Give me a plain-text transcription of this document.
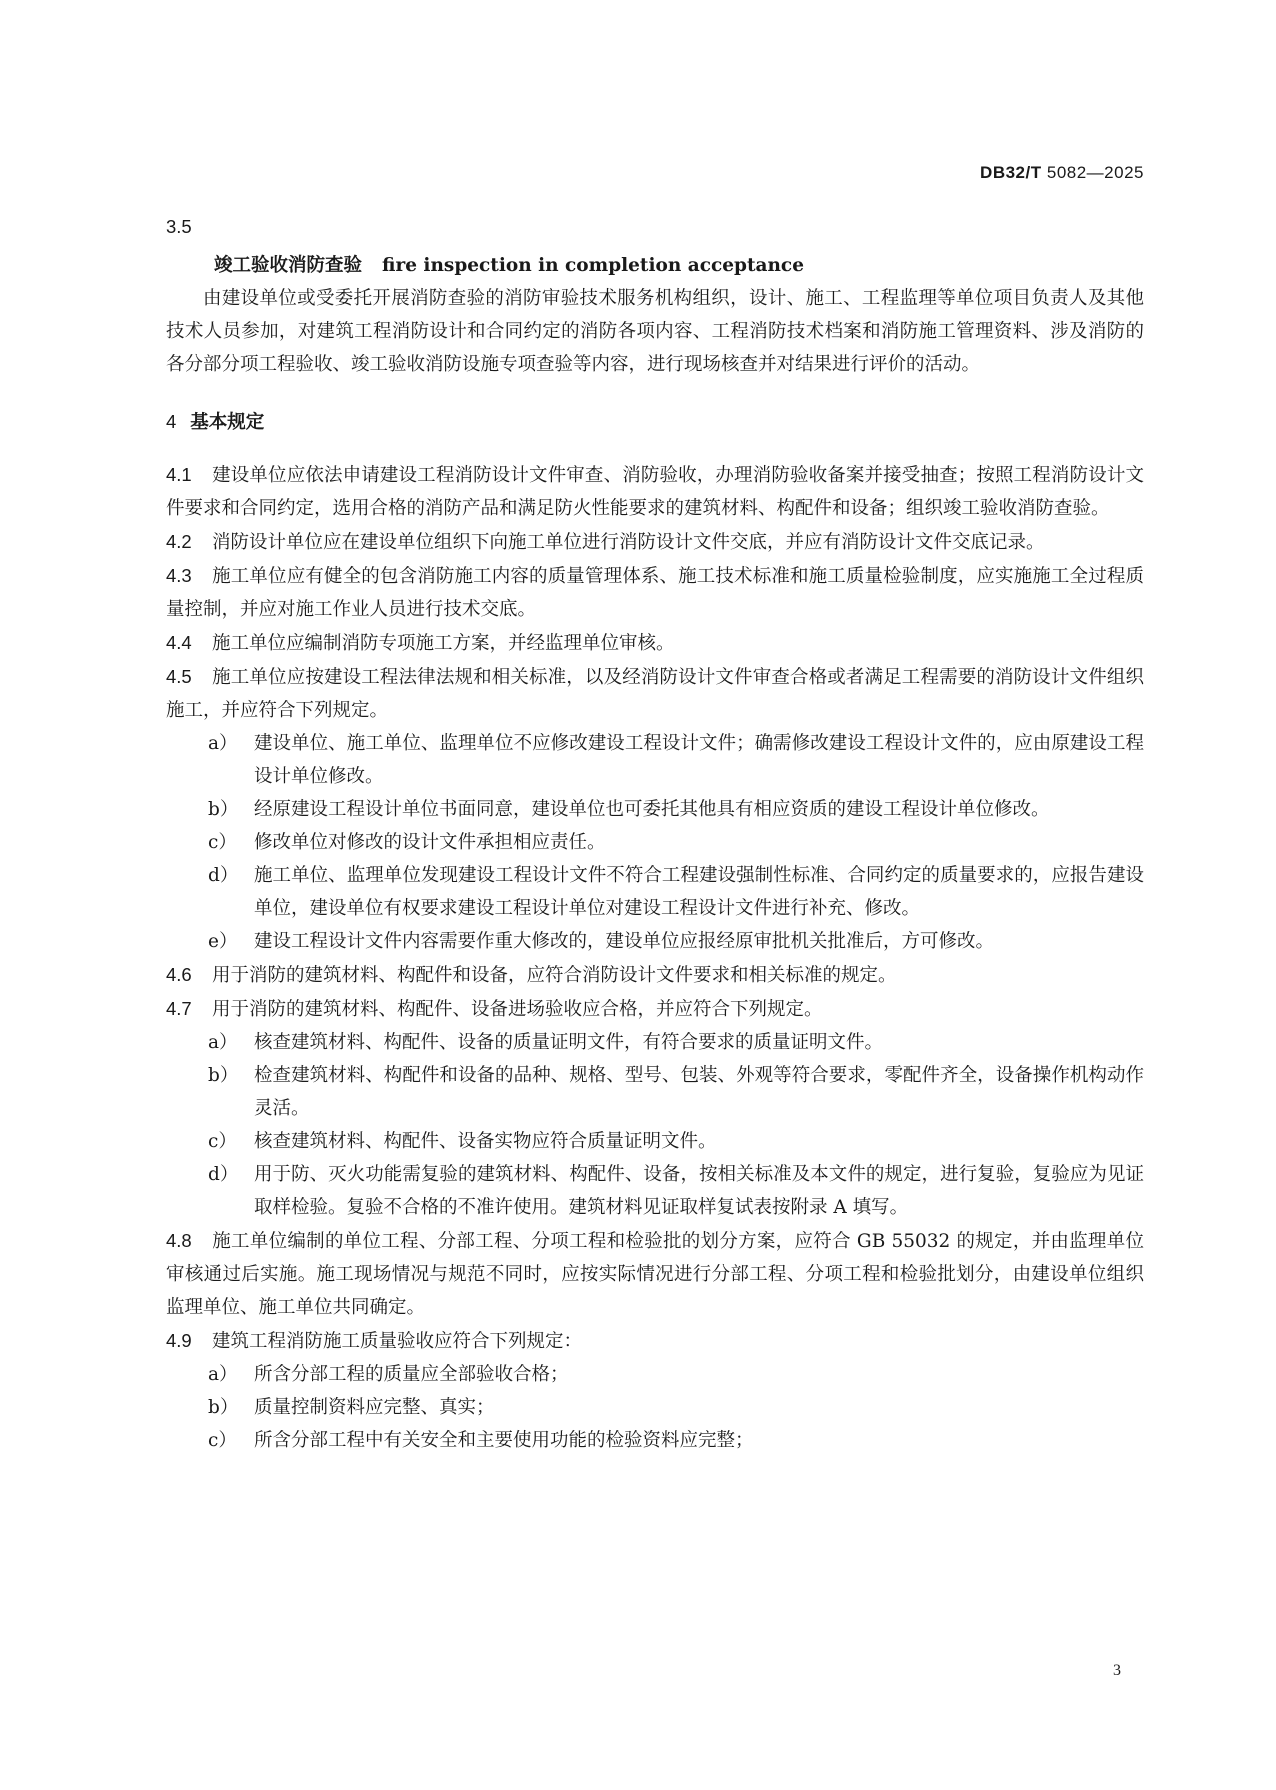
DB32/T 5082—2025
3.5
竣工验收消防查验 fire inspection in completion acceptance
由建设单位或受委托开展消防查验的消防审验技术服务机构组织，设计、施工、工程监理等单位项目负责人及其他技术人员参加，对建筑工程消防设计和合同约定的消防各项内容、工程消防技术档案和消防施工管理资料、涉及消防的各分部分项工程验收、竣工验收消防设施专项查验等内容，进行现场核查并对结果进行评价的活动。
4 基本规定
4.1 建设单位应依法申请建设工程消防设计文件审查、消防验收，办理消防验收备案并接受抽查；按照工程消防设计文件要求和合同约定，选用合格的消防产品和满足防火性能要求的建筑材料、构配件和设备；组织竣工验收消防查验。
4.2 消防设计单位应在建设单位组织下向施工单位进行消防设计文件交底，并应有消防设计文件交底记录。
4.3 施工单位应有健全的包含消防施工内容的质量管理体系、施工技术标准和施工质量检验制度，应实施施工全过程质量控制，并应对施工作业人员进行技术交底。
4.4 施工单位应编制消防专项施工方案，并经监理单位审核。
4.5 施工单位应按建设工程法律法规和相关标准，以及经消防设计文件审查合格或者满足工程需要的消防设计文件组织施工，并应符合下列规定。
a） 建设单位、施工单位、监理单位不应修改建设工程设计文件；确需修改建设工程设计文件的，应由原建设工程设计单位修改。
b） 经原建设工程设计单位书面同意，建设单位也可委托其他具有相应资质的建设工程设计单位修改。
c） 修改单位对修改的设计文件承担相应责任。
d） 施工单位、监理单位发现建设工程设计文件不符合工程建设强制性标准、合同约定的质量要求的，应报告建设单位，建设单位有权要求建设工程设计单位对建设工程设计文件进行补充、修改。
e） 建设工程设计文件内容需要作重大修改的，建设单位应报经原审批机关批准后，方可修改。
4.6 用于消防的建筑材料、构配件和设备，应符合消防设计文件要求和相关标准的规定。
4.7 用于消防的建筑材料、构配件、设备进场验收应合格，并应符合下列规定。
a） 核查建筑材料、构配件、设备的质量证明文件，有符合要求的质量证明文件。
b） 检查建筑材料、构配件和设备的品种、规格、型号、包装、外观等符合要求，零配件齐全，设备操作机构动作灵活。
c） 核查建筑材料、构配件、设备实物应符合质量证明文件。
d） 用于防、灭火功能需复验的建筑材料、构配件、设备，按相关标准及本文件的规定，进行复验，复验应为见证取样检验。复验不合格的不准许使用。建筑材料见证取样复试表按附录 A 填写。
4.8 施工单位编制的单位工程、分部工程、分项工程和检验批的划分方案，应符合 GB 55032 的规定，并由监理单位审核通过后实施。施工现场情况与规范不同时，应按实际情况进行分部工程、分项工程和检验批划分，由建设单位组织监理单位、施工单位共同确定。
4.9 建筑工程消防施工质量验收应符合下列规定：
a） 所含分部工程的质量应全部验收合格；
b） 质量控制资料应完整、真实；
c） 所含分部工程中有关安全和主要使用功能的检验资料应完整；
3
